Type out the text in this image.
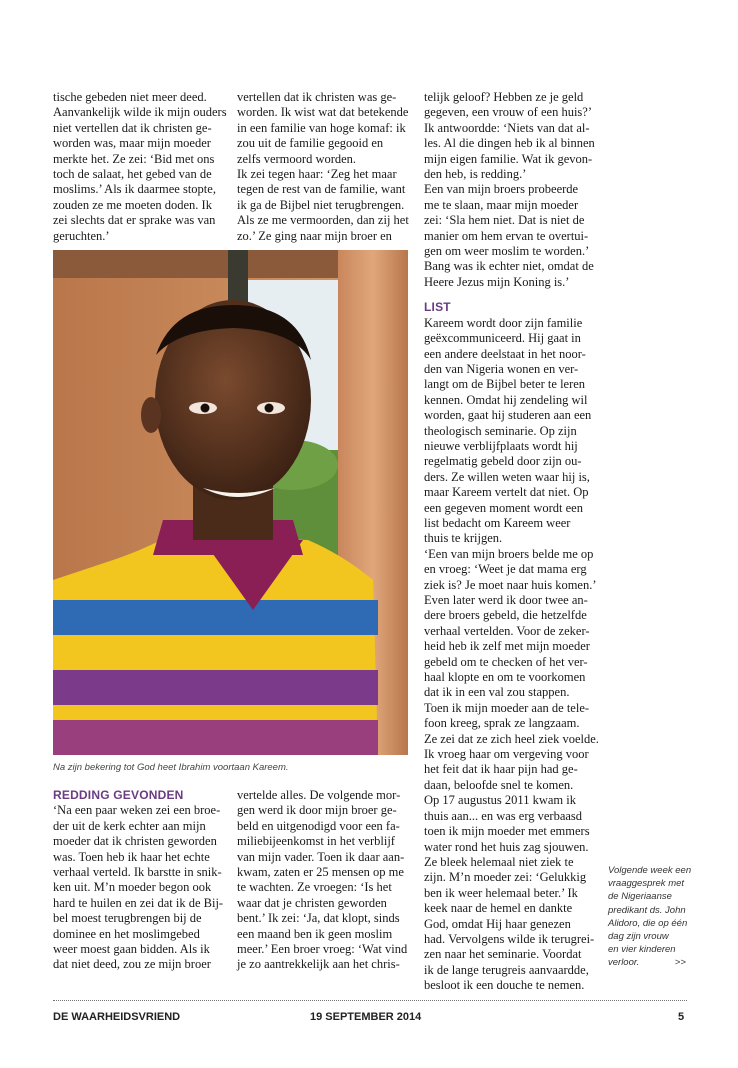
tische gebeden niet meer deed.

Aanvankelijk wilde ik mijn ouders

niet vertellen dat ik christen ge-

worden was, maar mijn moeder

merkte het. Ze zei: ‘Bid met ons

toch de salaat, het gebed van de

moslims.’ Als ik daarmee stopte,

zouden ze me moeten doden. Ik

zei slechts dat er sprake was van

geruchten.’

vertellen dat ik christen was ge-

worden. Ik wist wat dat betekende

in een familie van hoge komaf: ik

zou uit de familie gegooid en

zelfs vermoord worden.

Ik zei tegen haar: ‘Zeg het maar

tegen de rest van de familie, want

ik ga de Bijbel niet terugbrengen.

Als ze me vermoorden, dan zij het

zo.’ Ze ging naar mijn broer en

telijk geloof? Hebben ze je geld

gegeven, een vrouw of een huis?’

Ik antwoordde: ‘Niets van dat al-

les. Al die dingen heb ik al binnen

mijn eigen familie. Wat ik gevon-

den heb, is redding.’

Een van mijn broers probeerde

me te slaan, maar mijn moeder

zei: ‘Sla hem niet. Dat is niet de

manier om hem ervan te overtui-

gen om weer moslim te worden.’

Bang was ik echter niet, omdat de

Heere Jezus mijn Koning is.’

LIST

Kareem wordt door zijn familie

geëxcommuniceerd. Hij gaat in

een andere deelstaat in het noor-

den van Nigeria wonen en ver-

langt om de Bijbel beter te leren

kennen. Omdat hij zendeling wil

worden, gaat hij studeren aan een

theologisch seminarie. Op zijn

nieuwe verblijfplaats wordt hij

regelmatig gebeld door zijn ou-

ders. Ze willen weten waar hij is,

maar Kareem vertelt dat niet. Op

een gegeven moment wordt een

list bedacht om Kareem weer

thuis te krijgen.

‘Een van mijn broers belde me op

en vroeg: ‘Weet je dat mama erg

ziek is? Je moet naar huis komen.’

Even later werd ik door twee an-

dere broers gebeld, die hetzelfde

verhaal vertelden. Voor de zeker-

heid heb ik zelf met mijn moeder

gebeld om te checken of het ver-

haal klopte en om te voorkomen

dat ik in een val zou stappen.

Toen ik mijn moeder aan de tele-

foon kreeg, sprak ze langzaam.

Ze zei dat ze zich heel ziek voelde.

Ik vroeg haar om vergeving voor

het feit dat ik haar pijn had ge-

daan, beloofde snel te komen.

Op 17 augustus 2011 kwam ik

thuis aan... en was erg verbaasd

toen ik mijn moeder met emmers

water rond het huis zag sjouwen.

Ze bleek helemaal niet ziek te

zijn. M’n moeder zei: ‘Gelukkig

ben ik weer helemaal beter.’ Ik

keek naar de hemel en dankte

God, omdat Hij haar genezen

had. Vervolgens wilde ik terugrei-

zen naar het seminarie. Voordat

ik de lange terugreis aanvaardde,

besloot ik een douche te nemen.

Na zijn bekering tot God heet Ibrahim voortaan Kareem.

REDDING GEVONDEN

‘Na een paar weken zei een broe-

der uit de kerk echter aan mijn

moeder dat ik christen geworden

was. Toen heb ik haar het echte

verhaal verteld. Ik barstte in snik-

ken uit. M’n moeder begon ook

hard te huilen en zei dat ik de Bij-

bel moest terugbrengen bij de

dominee en het moslimgebed

weer moest gaan bidden. Als ik

dat niet deed, zou ze mijn broer

vertelde alles. De volgende mor-

gen werd ik door mijn broer ge-

beld en uitgenodigd voor een fa-

miliebijeenkomst in het verblijf

van mijn vader. Toen ik daar aan-

kwam, zaten er 25 mensen op me

te wachten. Ze vroegen: ‘Is het

waar dat je christen geworden

bent.’ Ik zei: ‘Ja, dat klopt, sinds

een maand ben ik geen moslim

meer.’ Een broer vroeg: ‘Wat vind

je zo aantrekkelijk aan het chris-

Volgende week een
vraaggesprek met
de Nigeriaanse
predikant ds. John
Alidoro, die op één
dag zijn vrouw
en vier kinderen
verloor.	>>
DE WAARHEIDSVRIEND	19 SEPTEMBER 2014	5
